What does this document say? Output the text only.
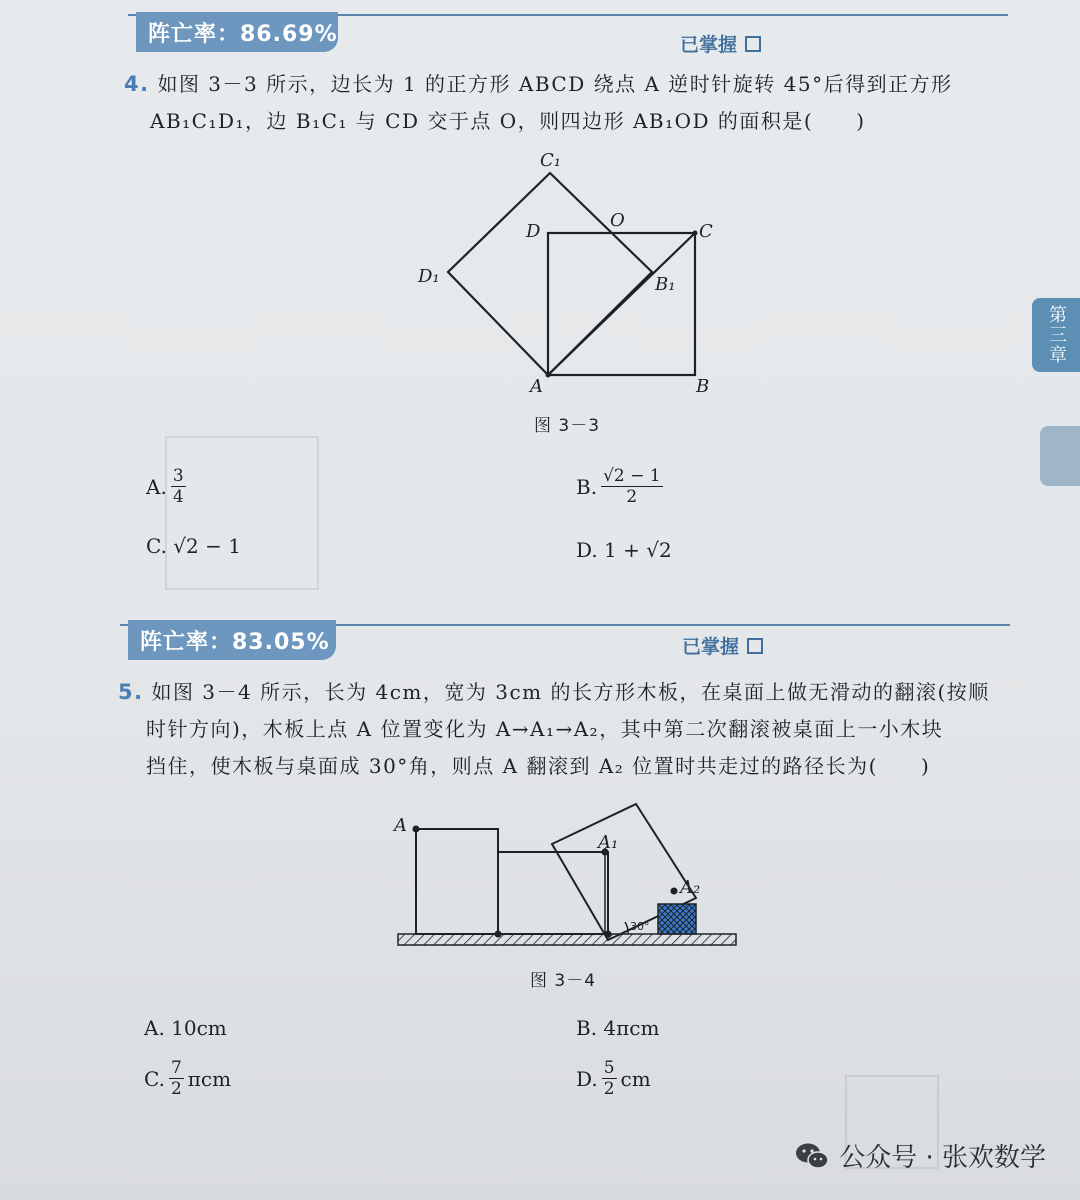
第三章
阵亡率：86.69%	已掌握
4. 如图 3－3 所示，边长为 1 的正方形 ABCD 绕点 A 逆时针旋转 45°后得到正方形
AB₁C₁D₁，边 B₁C₁ 与 CD 交于点 O，则四边形 AB₁OD 的面积是(　　)
C₁
D
O
C
D₁	B₁
A	B
图 3－3
A. $\frac{3}{4}$	B. $\frac{√2 - 1}{2}$
C. √2 − 1	D. 1 + √2
阵亡率：83.05%	已掌握
5. 如图 3－4 所示，长为 4cm，宽为 3cm 的长方形木板，在桌面上做无滑动的翻滚(按顺
时针方向)，木板上点 A 位置变化为 A→A₁→A₂，其中第二次翻滚被桌面上一小木块
挡住，使木板与桌面成 30°角，则点 A 翻滚到 A₂ 位置时共走过的路径长为(　　)
A
A₁
A₂
30°
图 3－4
A. 10cm	B. 4πcm
C. $\frac{7}{2}$ πcm	D. $\frac{5}{2}$ cm
公众号 · 张欢数学
